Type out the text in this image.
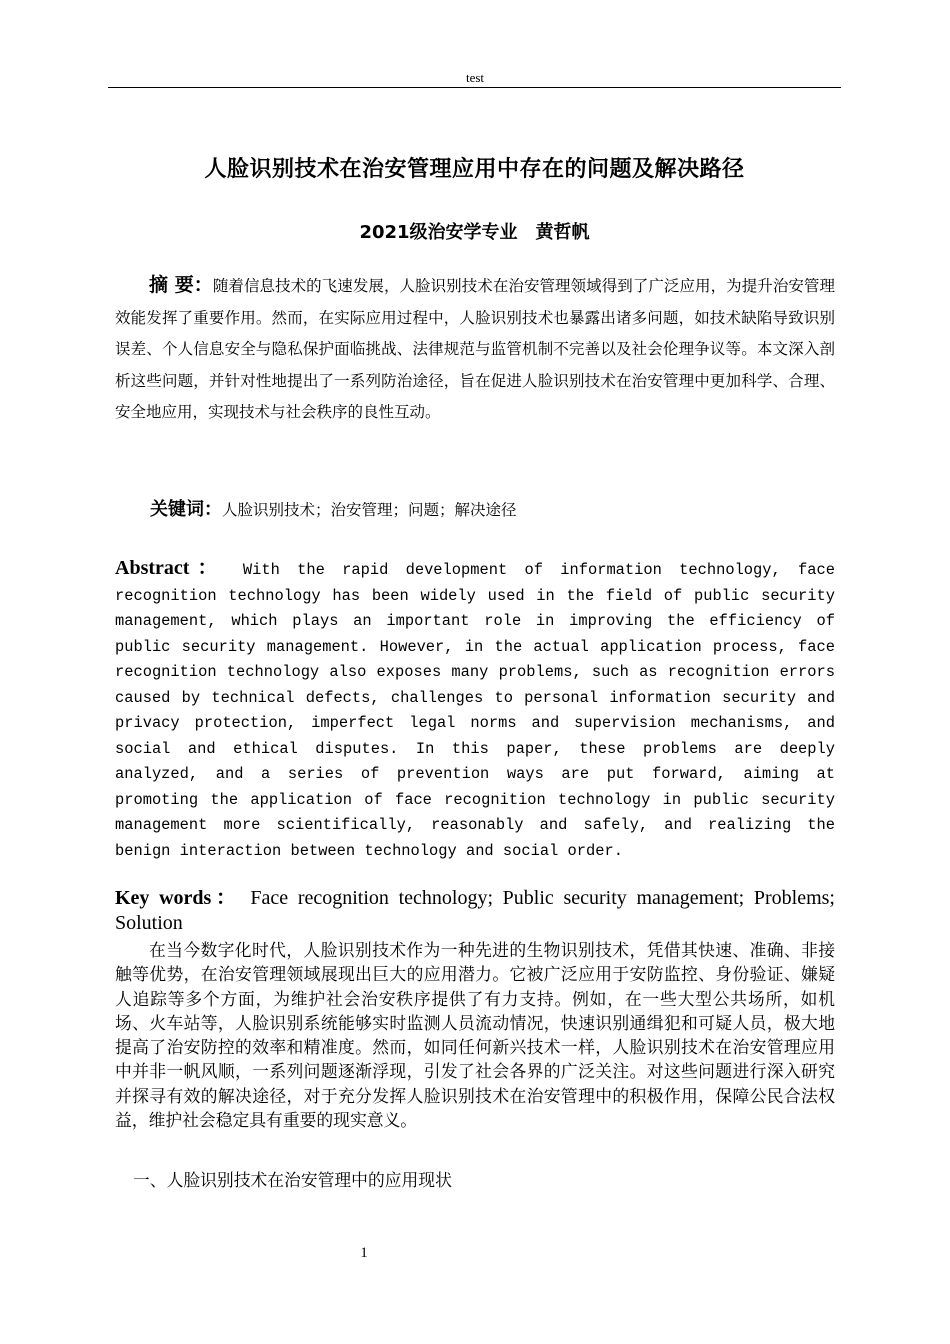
test
人脸识别技术在治安管理应用中存在的问题及解决路径
2021级治安学专业　黄哲帆
摘 要：随着信息技术的飞速发展，人脸识别技术在治安管理领域得到了广泛应用，为提升治安管理效能发挥了重要作用。然而，在实际应用过程中，人脸识别技术也暴露出诸多问题，如技术缺陷导致识别误差、个人信息安全与隐私保护面临挑战、法律规范与监管机制不完善以及社会伦理争议等。本文深入剖析这些问题，并针对性地提出了一系列防治途径，旨在促进人脸识别技术在治安管理中更加科学、合理、安全地应用，实现技术与社会秩序的良性互动。
关键词：人脸识别技术；治安管理；问题；解决途径
Abstract： With the rapid development of information technology, face recognition technology has been widely used in the field of public security management, which plays an important role in improving the efficiency of public security management. However, in the actual application process, face recognition technology also exposes many problems, such as recognition errors caused by technical defects, challenges to personal information security and privacy protection, imperfect legal norms and supervision mechanisms, and social and ethical disputes. In this paper, these problems are deeply analyzed, and a series of prevention ways are put forward, aiming at promoting the application of face recognition technology in public security management more scientifically, reasonably and safely, and realizing the benign interaction between technology and social order.
Key words： Face recognition technology; Public security management; Problems; Solution

在当今数字化时代，人脸识别技术作为一种先进的生物识别技术，凭借其快速、准确、非接触等优势，在治安管理领域展现出巨大的应用潜力。它被广泛应用于安防监控、身份验证、嫌疑人追踪等多个方面，为维护社会治安秩序提供了有力支持。例如，在一些大型公共场所，如机场、火车站等，人脸识别系统能够实时监测人员流动情况，快速识别通缉犯和可疑人员，极大地提高了治安防控的效率和精准度。然而，如同任何新兴技术一样，人脸识别技术在治安管理应用中并非一帆风顺，一系列问题逐渐浮现，引发了社会各界的广泛关注。对这些问题进行深入研究并探寻有效的解决途径，对于充分发挥人脸识别技术在治安管理中的积极作用，保障公民合法权益，维护社会稳定具有重要的现实意义。

一、人脸识别技术在治安管理中的应用现状
1
